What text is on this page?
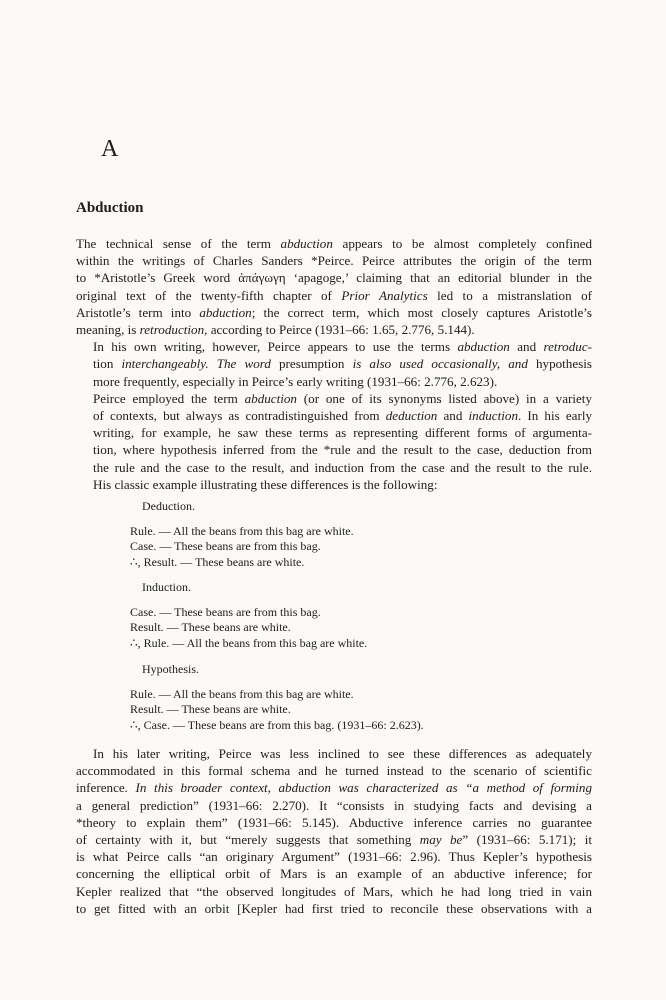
A
Abduction

The technical sense of the term abduction appears to be almost completely confined
within the writings of Charles Sanders *Peirce. Peirce attributes the origin of the term
to *Aristotle’s Greek word ἀπάγωγη ‘apagoge,’ claiming that an editorial blunder in the
original text of the twenty-fifth chapter of Prior Analytics led to a mistranslation of
Aristotle’s term into abduction; the correct term, which most closely captures Aristotle’s
meaning, is retroduction, according to Peirce (1931–66: 1.65, 2.776, 5.144).

In his own writing, however, Peirce appears to use the terms abduction and retroduc-
tion interchangeably. The word presumption is also used occasionally, and hypothesis
more frequently, especially in Peirce’s early writing (1931–66: 2.776, 2.623).

Peirce employed the term abduction (or one of its synonyms listed above) in a variety
of contexts, but always as contradistinguished from deduction and induction. In his early
writing, for example, he saw these terms as representing different forms of argumenta-
tion, where hypothesis inferred from the *rule and the result to the case, deduction from
the rule and the case to the result, and induction from the case and the result to the rule.
His classic example illustrating these differences is the following:

Deduction.
Rule. — All the beans from this bag are white.
Case. — These beans are from this bag.
∴, Result. — These beans are white.
Induction.
Case. — These beans are from this bag.
Result. — These beans are white.
∴, Rule. — All the beans from this bag are white.
Hypothesis.
Rule. — All the beans from this bag are white.
Result. — These beans are white.
∴, Case. — These beans are from this bag. (1931–66: 2.623).
In his later writing, Peirce was less inclined to see these differences as adequately
accommodated in this formal schema and he turned instead to the scenario of scientific
inference. In this broader context, abduction was characterized as “a method of forming
a general prediction” (1931–66: 2.270). It “consists in studying facts and devising a
*theory to explain them” (1931–66: 5.145). Abductive inference carries no guarantee
of certainty with it, but “merely suggests that something may be” (1931–66: 5.171); it
is what Peirce calls “an originary Argument” (1931–66: 2.96). Thus Kepler’s hypothesis
concerning the elliptical orbit of Mars is an example of an abductive inference; for
Kepler realized that “the observed longitudes of Mars, which he had long tried in vain
to get fitted with an orbit [Kepler had first tried to reconcile these observations with a
